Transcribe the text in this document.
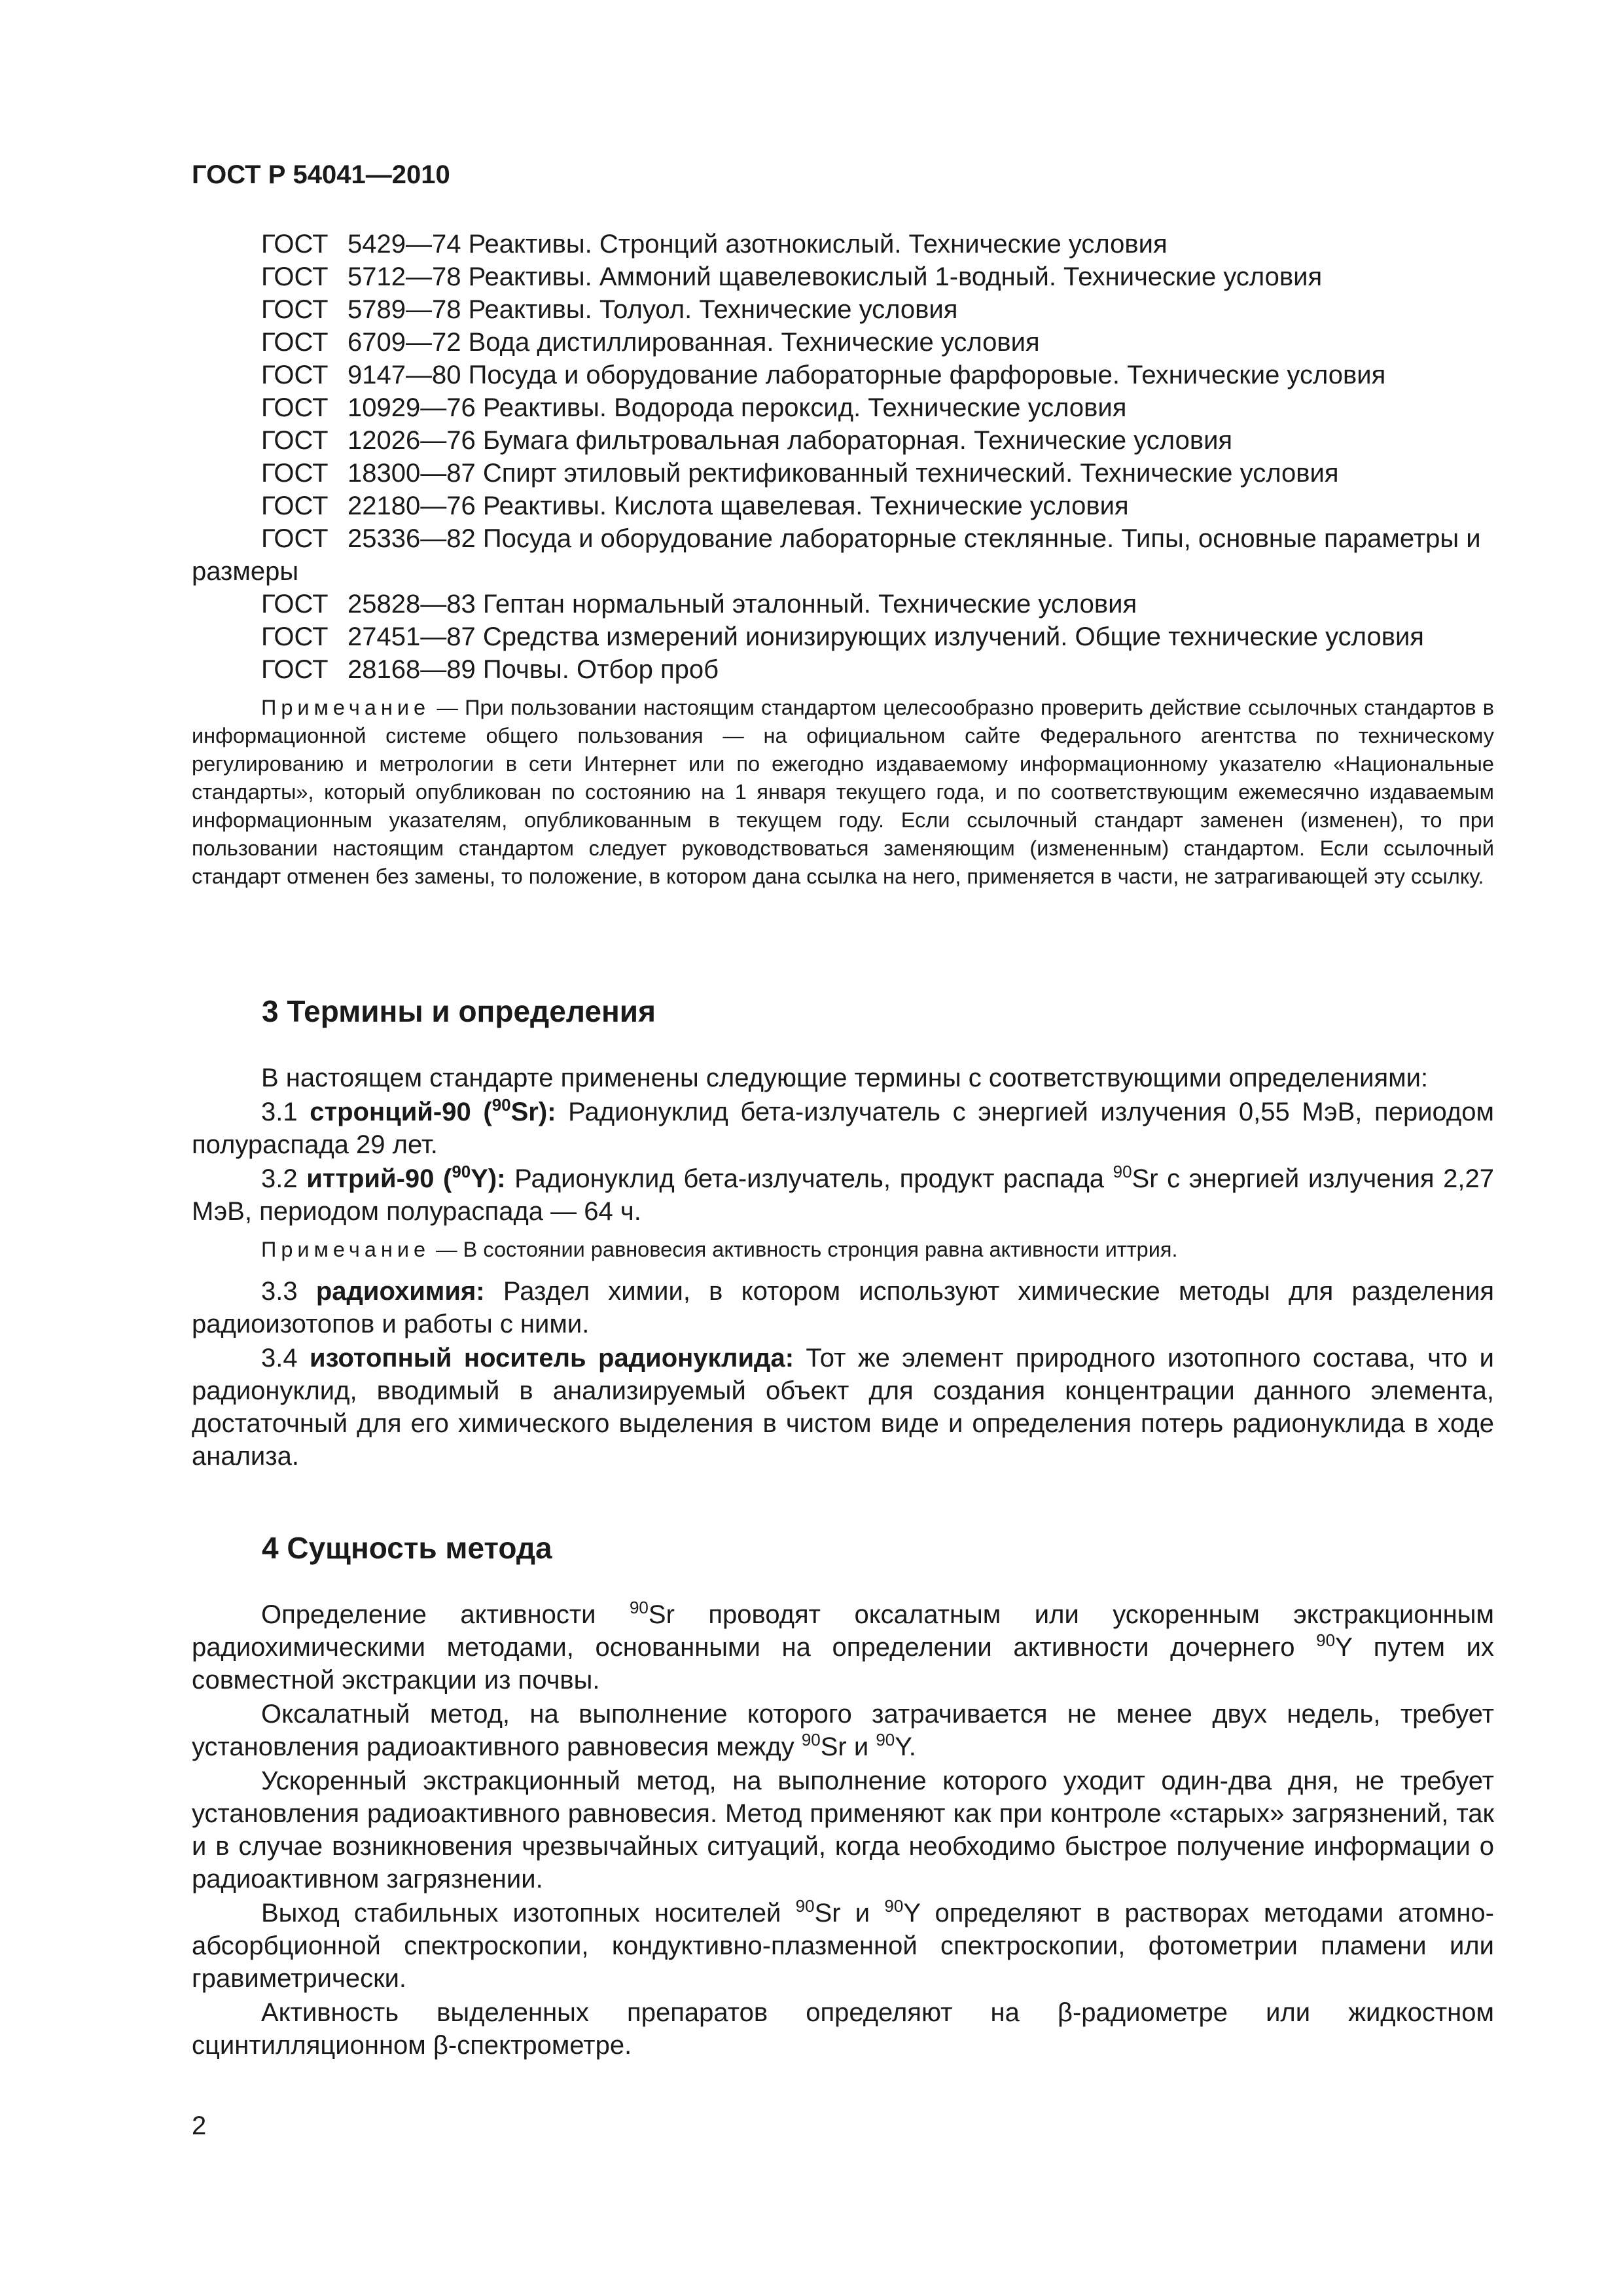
ГОСТ Р 54041—2010

ГОСТ 5429—74 Реактивы. Стронций азотнокислый. Технические условия

ГОСТ 5712—78 Реактивы. Аммоний щавелевокислый 1-водный. Технические условия

ГОСТ 5789—78 Реактивы. Толуол. Технические условия

ГОСТ 6709—72 Вода дистиллированная. Технические условия

ГОСТ 9147—80 Посуда и оборудование лабораторные фарфоровые. Технические условия

ГОСТ 10929—76 Реактивы. Водорода пероксид. Технические условия

ГОСТ 12026—76 Бумага фильтровальная лабораторная. Технические условия

ГОСТ 18300—87 Спирт этиловый ректификованный технический. Технические условия

ГОСТ 22180—76 Реактивы. Кислота щавелевая. Технические условия

ГОСТ 25336—82 Посуда и оборудование лабораторные стеклянные. Типы, основные параметры и размеры

ГОСТ 25828—83 Гептан нормальный эталонный. Технические условия

ГОСТ 27451—87 Средства измерений ионизирующих излучений. Общие технические условия

ГОСТ 28168—89 Почвы. Отбор проб

Примечание — При пользовании настоящим стандартом целесообразно проверить действие ссылочных стандартов в информационной системе общего пользования — на официальном сайте Федерального агентства по техническому регулированию и метрологии в сети Интернет или по ежегодно издаваемому информационному указателю «Национальные стандарты», который опубликован по состоянию на 1 января текущего года, и по соответствующим ежемесячно издаваемым информационным указателям, опубликованным в текущем году. Если ссылочный стандарт заменен (изменен), то при пользовании настоящим стандартом следует руководствоваться заменяющим (измененным) стандартом. Если ссылочный стандарт отменен без замены, то положение, в котором дана ссылка на него, применяется в части, не затрагивающей эту ссылку.

3 Термины и определения

В настоящем стандарте применены следующие термины с соответствующими определениями:

3.1 стронций-90 ($^{90}$Sr): Радионуклид бета-излучатель с энергией излучения 0,55 МэВ, периодом полураспада 29 лет.

3.2 иттрий-90 ($^{90}$Y): Радионуклид бета-излучатель, продукт распада $^{90}$Sr с энергией излучения 2,27 МэВ, периодом полураспада — 64 ч.

Примечание — В состоянии равновесия активность стронция равна активности иттрия.

3.3 радиохимия: Раздел химии, в котором используют химические методы для разделения радиоизотопов и работы с ними.

3.4 изотопный носитель радионуклида: Тот же элемент природного изотопного состава, что и радионуклид, вводимый в анализируемый объект для создания концентрации данного элемента, достаточный для его химического выделения в чистом виде и определения потерь радионуклида в ходе анализа.

4 Сущность метода

Определение активности $^{90}$Sr проводят оксалатным или ускоренным экстракционным радиохимическими методами, основанными на определении активности дочернего $^{90}$Y путем их совместной экстракции из почвы.

Оксалатный метод, на выполнение которого затрачивается не менее двух недель, требует установления радиоактивного равновесия между $^{90}$Sr и $^{90}$Y.

Ускоренный экстракционный метод, на выполнение которого уходит один-два дня, не требует установления радиоактивного равновесия. Метод применяют как при контроле «старых» загрязнений, так и в случае возникновения чрезвычайных ситуаций, когда необходимо быстрое получение информации о радиоактивном загрязнении.

Выход стабильных изотопных носителей $^{90}$Sr и $^{90}$Y определяют в растворах методами атомно-абсорбционной спектроскопии, кондуктивно-плазменной спектроскопии, фотометрии пламени или гравиметрически.

Активность выделенных препаратов определяют на β-радиометре или жидкостном сцинтилляционном β-спектрометре.

2
